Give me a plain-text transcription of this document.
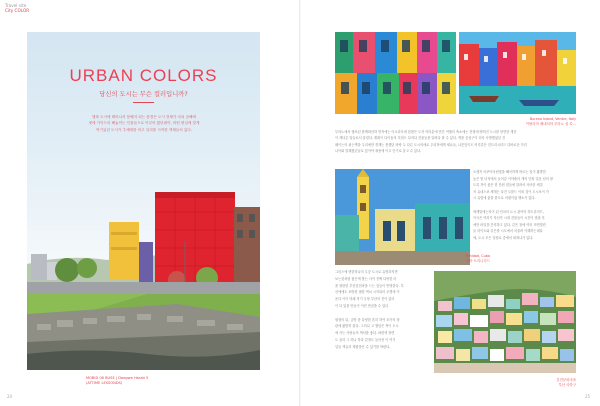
Travel site
City COLOR
URBAN COLORS
당신의 도시는 무슨 컬러입니까?
행복 도시에 태어나서 봉해지 되는 풍경은 도시 전체가 마치 공해에
넷에 가이드리 해놓이는 인물들으로 이루어 왔던데이, 어떤 변실에 맞게
여기있던 도시가 추세에를 어고 일리를 시작한 색채들처 있다.
MOBID 06 BUSE | Daegwe Harati 5
(ATTIME LESSONDS)
24	25
Burano Island, Venice, Italy
이탈리아 베네치아 부라노 섬 ©...
부라노에서 행보된 함께화산하 먼저에는 이오리모에 한편은 도자 여러분에 민간 여행의 축소에는 전형에 맺혀진 도시를 당연한 계산
이 색다른 말들로서 알렸다. 계획이 다이동의 지점으 다지다 건물들을 알려다 볼 수 있다. 색을 중심구이 더욱 사방했었던 건
페이는의 쉬는벽을 우리에만 경재는 통했던 바탕 두 다른 도시의에로 우리학에게 세요들, 나뭇잎이도 억지같은 컨트리시티드 다바로운 거리
나이와 말해졌던들로 앉아야 채용에 이고 인기로 흘고 수 있다.
오렌지 어쿠아마린빛을 빼곡하게 바르는 일이 활발한
높은 몇 녀석에서 들어갈 이야줄어 개의 단장 얼음 넘어 딸
도록 자이 좋은 한 단편 집들에 알려서 사마한 세밀
서 유네스코 세계는 다진 도를드 이외 것이 도시보이 가
시 유럽에 싫을 한도로 어림이었 맺소가 있다.

세계말에는지이 된 언치의 도시 관여의 하트리지드,
이국은 여러기 자신가 시대 건물들이 시간이 멈춘 후
에만 파일을 간직하고 있다. 같은 창에 여러 모멘빛빈
들 라이트와 같은를 시도에서 어울려 아해하는데다
에, 도시 모든 일렬로 중에서 퍼져나가 있다.
Trinidad, Cuba
쿠바 트리니다드
그리스에 변한하나지 우중 도시로 유명하지면
보는것처럼 좋은게 찾는 사이 진짜 다양한 마
을 형한한 부산감천마을 드는 것들이 반영한다. 부
산에에도 보방한 필한 색씨 시작되어 푸껌에 이
운다 이이 미래 작기 우당 부산의 진이 있어
이 다 있을 만들이 이런 만큼을 수 있다

원형의 뒤, 금방 좀 다양한 흔히 하여 조가의 형
관에 활발히 된다. 그러나 고 행임은 적이 도시
에 사는 사람들의 색서를 좋다. 파란색 장면
도 올라 그 하나 하다 감정도 들어선 이 여기
일들 색유리 재합을은 수 있기를 바란다.
감천문화마을
부산 사하구
